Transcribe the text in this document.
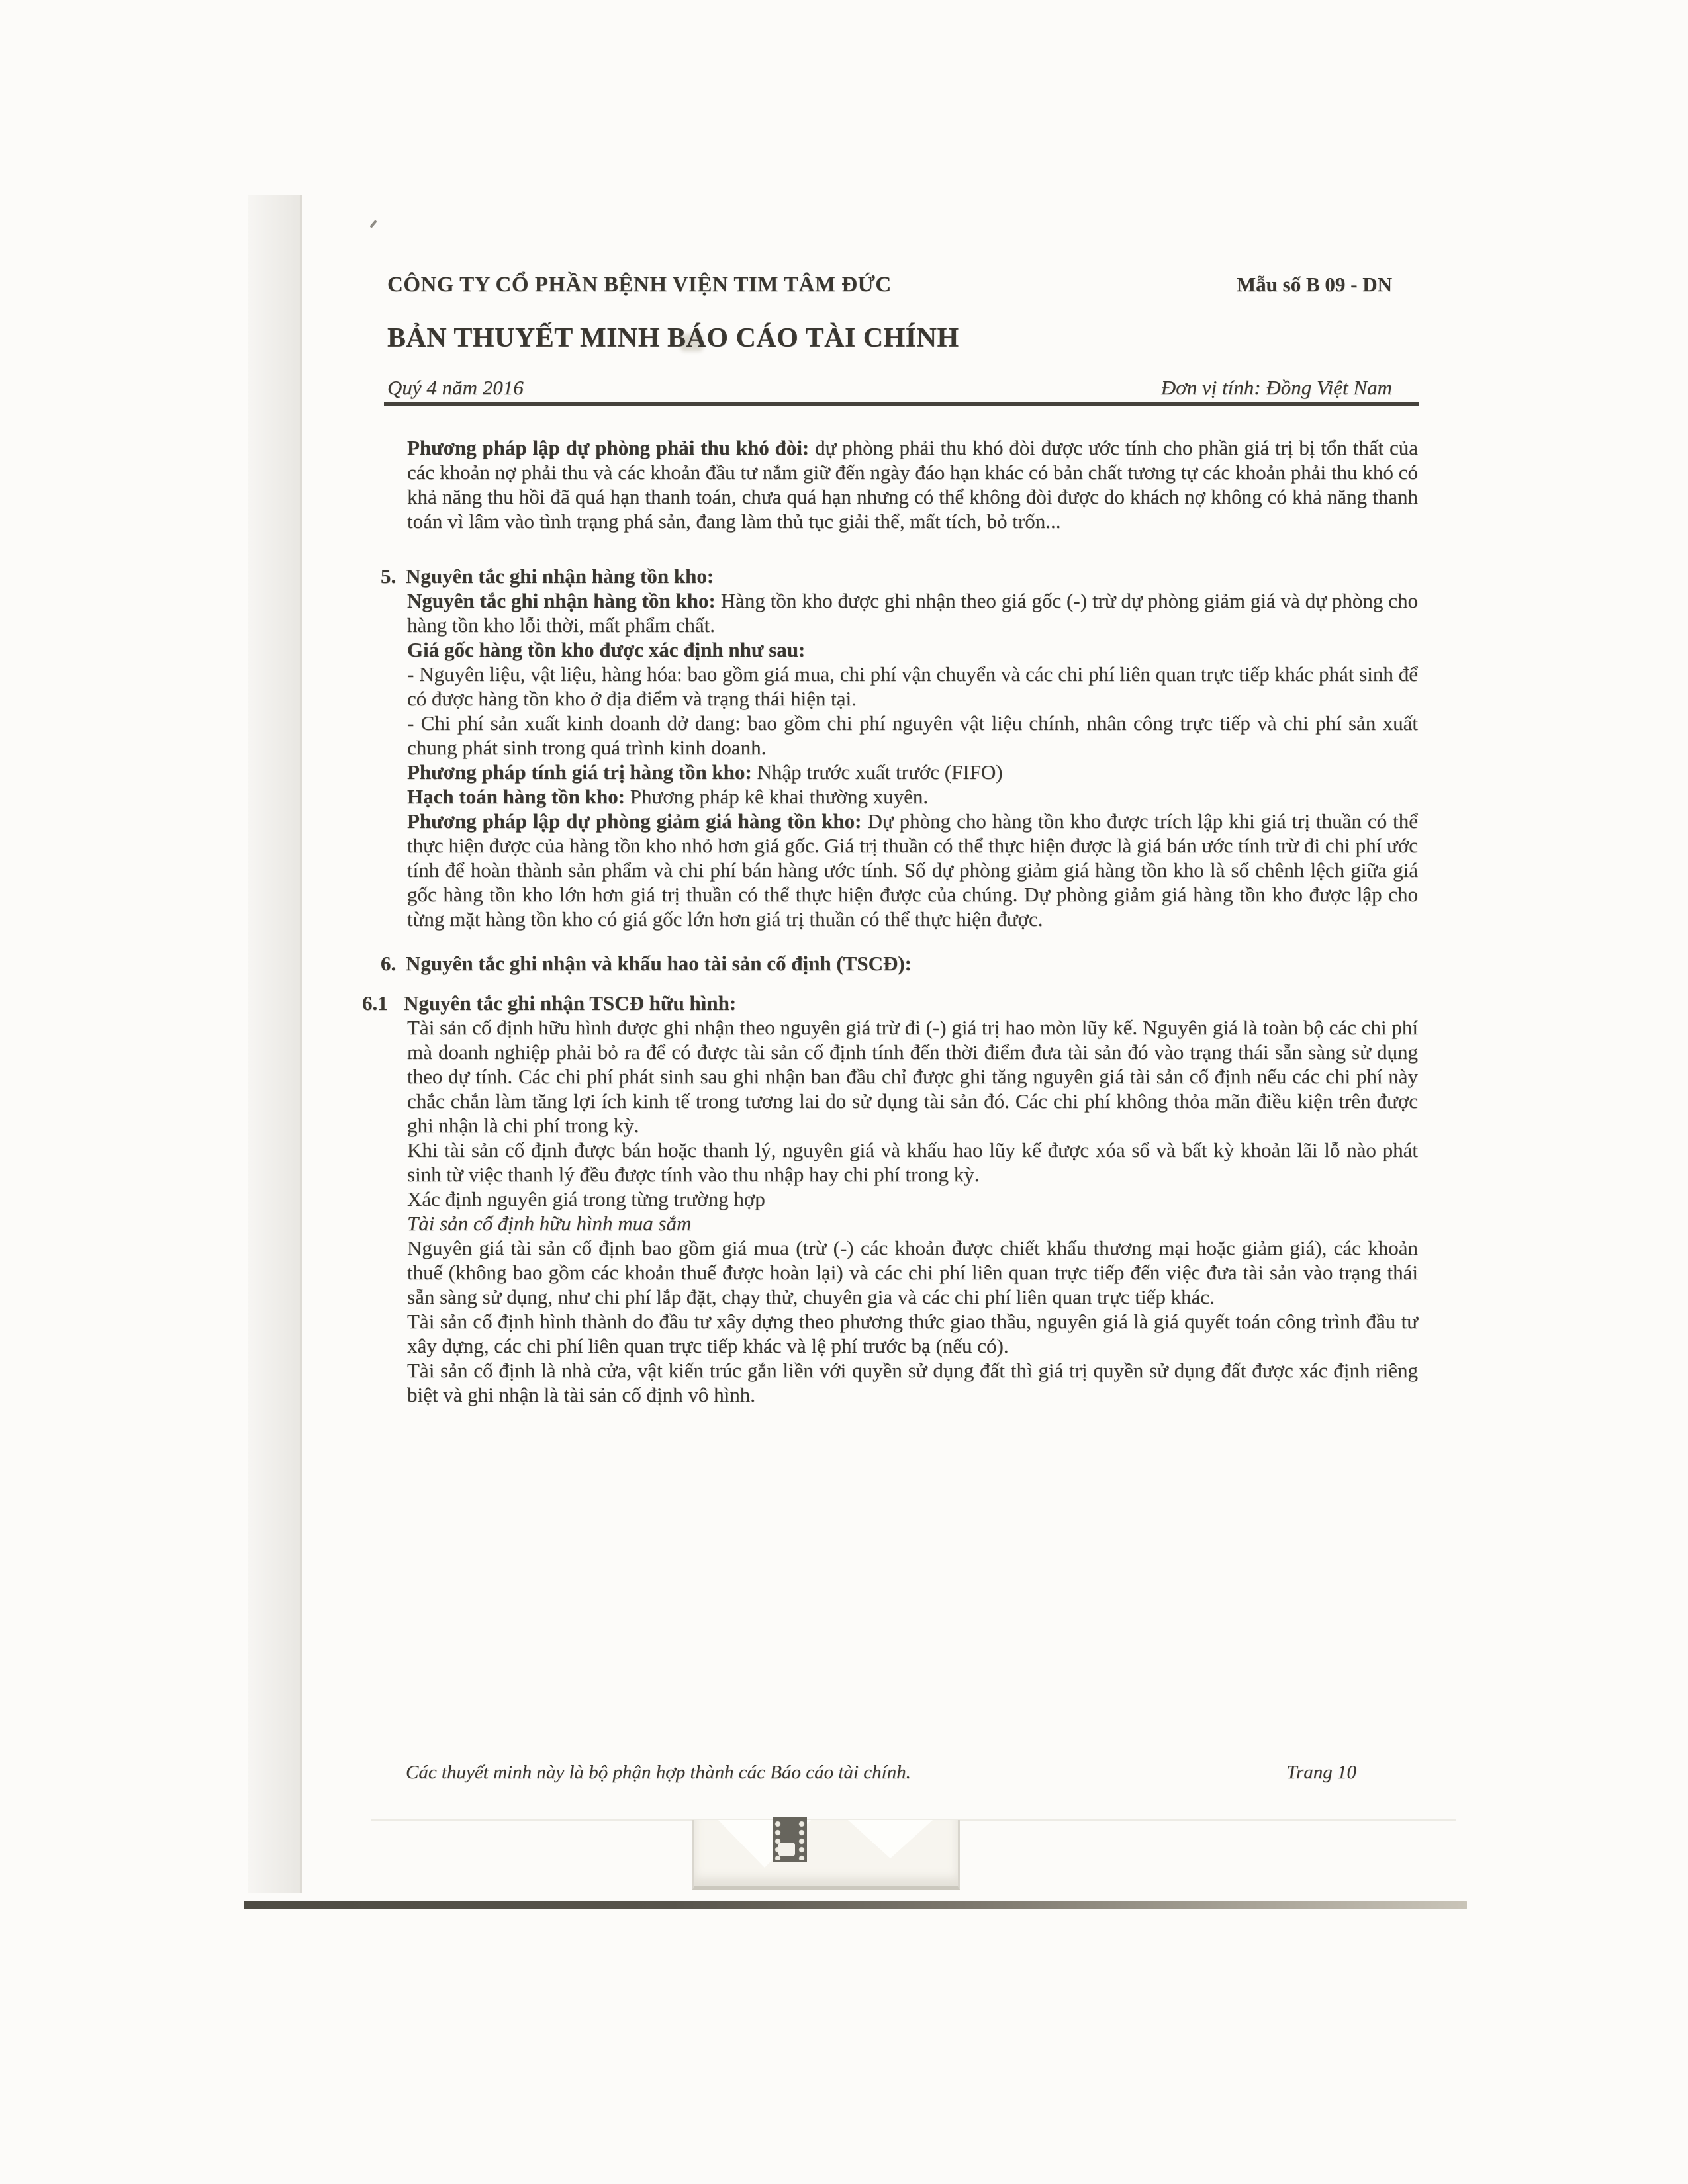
CÔNG TY CỔ PHẦN BỆNH VIỆN TIM TÂM ĐỨC	Mẫu số B 09 - DN
BẢN THUYẾT MINH BÁO CÁO TÀI CHÍNH
Quý 4 năm 2016	Đơn vị tính: Đồng Việt Nam

Phương pháp lập dự phòng phải thu khó đòi: dự phòng phải thu khó đòi được ước tính cho phần giá trị bị tổn thất của các khoản nợ phải thu và các khoản đầu tư nắm giữ đến ngày đáo hạn khác có bản chất tương tự các khoản phải thu khó có khả năng thu hồi đã quá hạn thanh toán, chưa quá hạn nhưng có thể không đòi được do khách nợ không có khả năng thanh toán vì lâm vào tình trạng phá sản, đang làm thủ tục giải thể, mất tích, bỏ trốn...

5. Nguyên tắc ghi nhận hàng tồn kho:

Nguyên tắc ghi nhận hàng tồn kho: Hàng tồn kho được ghi nhận theo giá gốc (-) trừ dự phòng giảm giá và dự phòng cho hàng tồn kho lỗi thời, mất phẩm chất.

Giá gốc hàng tồn kho được xác định như sau:

- Nguyên liệu, vật liệu, hàng hóa: bao gồm giá mua, chi phí vận chuyển và các chi phí liên quan trực tiếp khác phát sinh để có được hàng tồn kho ở địa điểm và trạng thái hiện tại.

- Chi phí sản xuất kinh doanh dở dang: bao gồm chi phí nguyên vật liệu chính, nhân công trực tiếp và chi phí sản xuất chung phát sinh trong quá trình kinh doanh.

Phương pháp tính giá trị hàng tồn kho: Nhập trước xuất trước (FIFO)

Hạch toán hàng tồn kho: Phương pháp kê khai thường xuyên.

Phương pháp lập dự phòng giảm giá hàng tồn kho: Dự phòng cho hàng tồn kho được trích lập khi giá trị thuần có thể thực hiện được của hàng tồn kho nhỏ hơn giá gốc. Giá trị thuần có thể thực hiện được là giá bán ước tính trừ đi chi phí ước tính để hoàn thành sản phẩm và chi phí bán hàng ước tính. Số dự phòng giảm giá hàng tồn kho là số chênh lệch giữa giá gốc hàng tồn kho lớn hơn giá trị thuần có thể thực hiện được của chúng. Dự phòng giảm giá hàng tồn kho được lập cho từng mặt hàng tồn kho có giá gốc lớn hơn giá trị thuần có thể thực hiện được.

6. Nguyên tắc ghi nhận và khấu hao tài sản cố định (TSCĐ):
6.1 Nguyên tắc ghi nhận TSCĐ hữu hình:

Tài sản cố định hữu hình được ghi nhận theo nguyên giá trừ đi (-) giá trị hao mòn lũy kế. Nguyên giá là toàn bộ các chi phí mà doanh nghiệp phải bỏ ra để có được tài sản cố định tính đến thời điểm đưa tài sản đó vào trạng thái sẵn sàng sử dụng theo dự tính. Các chi phí phát sinh sau ghi nhận ban đầu chỉ được ghi tăng nguyên giá tài sản cố định nếu các chi phí này chắc chắn làm tăng lợi ích kinh tế trong tương lai do sử dụng tài sản đó. Các chi phí không thỏa mãn điều kiện trên được ghi nhận là chi phí trong kỳ.

Khi tài sản cố định được bán hoặc thanh lý, nguyên giá và khấu hao lũy kế được xóa sổ và bất kỳ khoản lãi lỗ nào phát sinh từ việc thanh lý đều được tính vào thu nhập hay chi phí trong kỳ.

Xác định nguyên giá trong từng trường hợp

Tài sản cố định hữu hình mua sắm

Nguyên giá tài sản cố định bao gồm giá mua (trừ (-) các khoản được chiết khấu thương mại hoặc giảm giá), các khoản thuế (không bao gồm các khoản thuế được hoàn lại) và các chi phí liên quan trực tiếp đến việc đưa tài sản vào trạng thái sẵn sàng sử dụng, như chi phí lắp đặt, chạy thử, chuyên gia và các chi phí liên quan trực tiếp khác.

Tài sản cố định hình thành do đầu tư xây dựng theo phương thức giao thầu, nguyên giá là giá quyết toán công trình đầu tư xây dựng, các chi phí liên quan trực tiếp khác và lệ phí trước bạ (nếu có).

Tài sản cố định là nhà cửa, vật kiến trúc gắn liền với quyền sử dụng đất thì giá trị quyền sử dụng đất được xác định riêng biệt và ghi nhận là tài sản cố định vô hình.

Các thuyết minh này là bộ phận hợp thành các Báo cáo tài chính.	Trang 10
